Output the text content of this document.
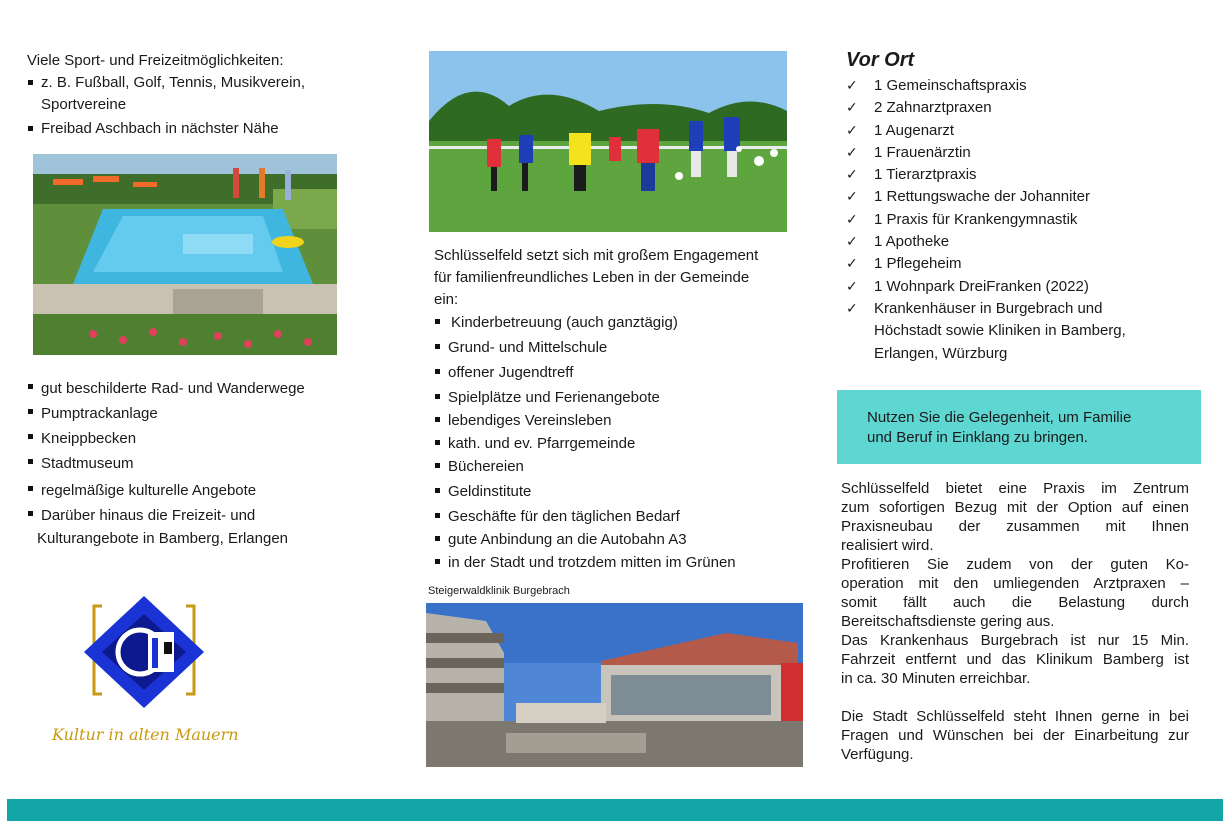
Viele Sport- und Freizeitmöglichkeiten:
z. B. Fußball, Golf, Tennis, Musikverein,
Sportvereine
Freibad Aschbach in nächster Nähe
gut beschilderte Rad- und Wanderwege
Pumptrackanlage
Kneippbecken
Stadtmuseum
regelmäßige kulturelle Angebote
Darüber hinaus die Freizeit- und
Kulturangebote in Bamberg, Erlangen
Kultur in alten Mauern
Schlüsselfeld setzt sich mit großem Engagement
für familienfreundliches Leben in der Gemeinde
ein:
Kinderbetreuung (auch ganztägig)
Grund- und Mittelschule
offener Jugendtreff
Spielplätze und Ferienangebote
lebendiges Vereinsleben
kath. und ev. Pfarrgemeinde
Büchereien
Geldinstitute
Geschäfte für den täglichen Bedarf
gute Anbindung an die Autobahn A3
in der Stadt und trotzdem mitten im Grünen
Steigerwaldklinik Burgebrach
Vor Ort
✓ 1 Gemeinschaftspraxis
✓ 2 Zahnarztpraxen
✓ 1 Augenarzt
✓ 1 Frauenärztin
✓ 1 Tierarztpraxis
✓ 1 Rettungswache der Johanniter
✓ 1 Praxis für Krankengymnastik
✓ 1 Apotheke
✓ 1 Pflegeheim
✓ 1 Wohnpark DreiFranken (2022)
✓ Krankenhäuser in Burgebrach und
Höchstadt sowie Kliniken in Bamberg,
Erlangen, Würzburg
Nutzen Sie die Gelegenheit, um Familie
und Beruf in Einklang zu bringen.
Schlüsselfeld bietet eine Praxis im Zentrum
zum sofortigen Bezug mit der Option auf einen
Praxisneubau der zusammen mit Ihnen
realisiert wird.
Profitieren Sie zudem von der guten Ko-
operation mit den umliegenden Arztpraxen –
somit fällt auch die Belastung durch
Bereitschaftsdienste gering aus.
Das Krankenhaus Burgebrach ist nur 15 Min.
Fahrzeit entfernt und das Klinikum Bamberg ist
in ca. 30 Minuten erreichbar.
Die Stadt Schlüsselfeld steht Ihnen gerne in bei
Fragen und Wünschen bei der Einarbeitung zur
Verfügung.
